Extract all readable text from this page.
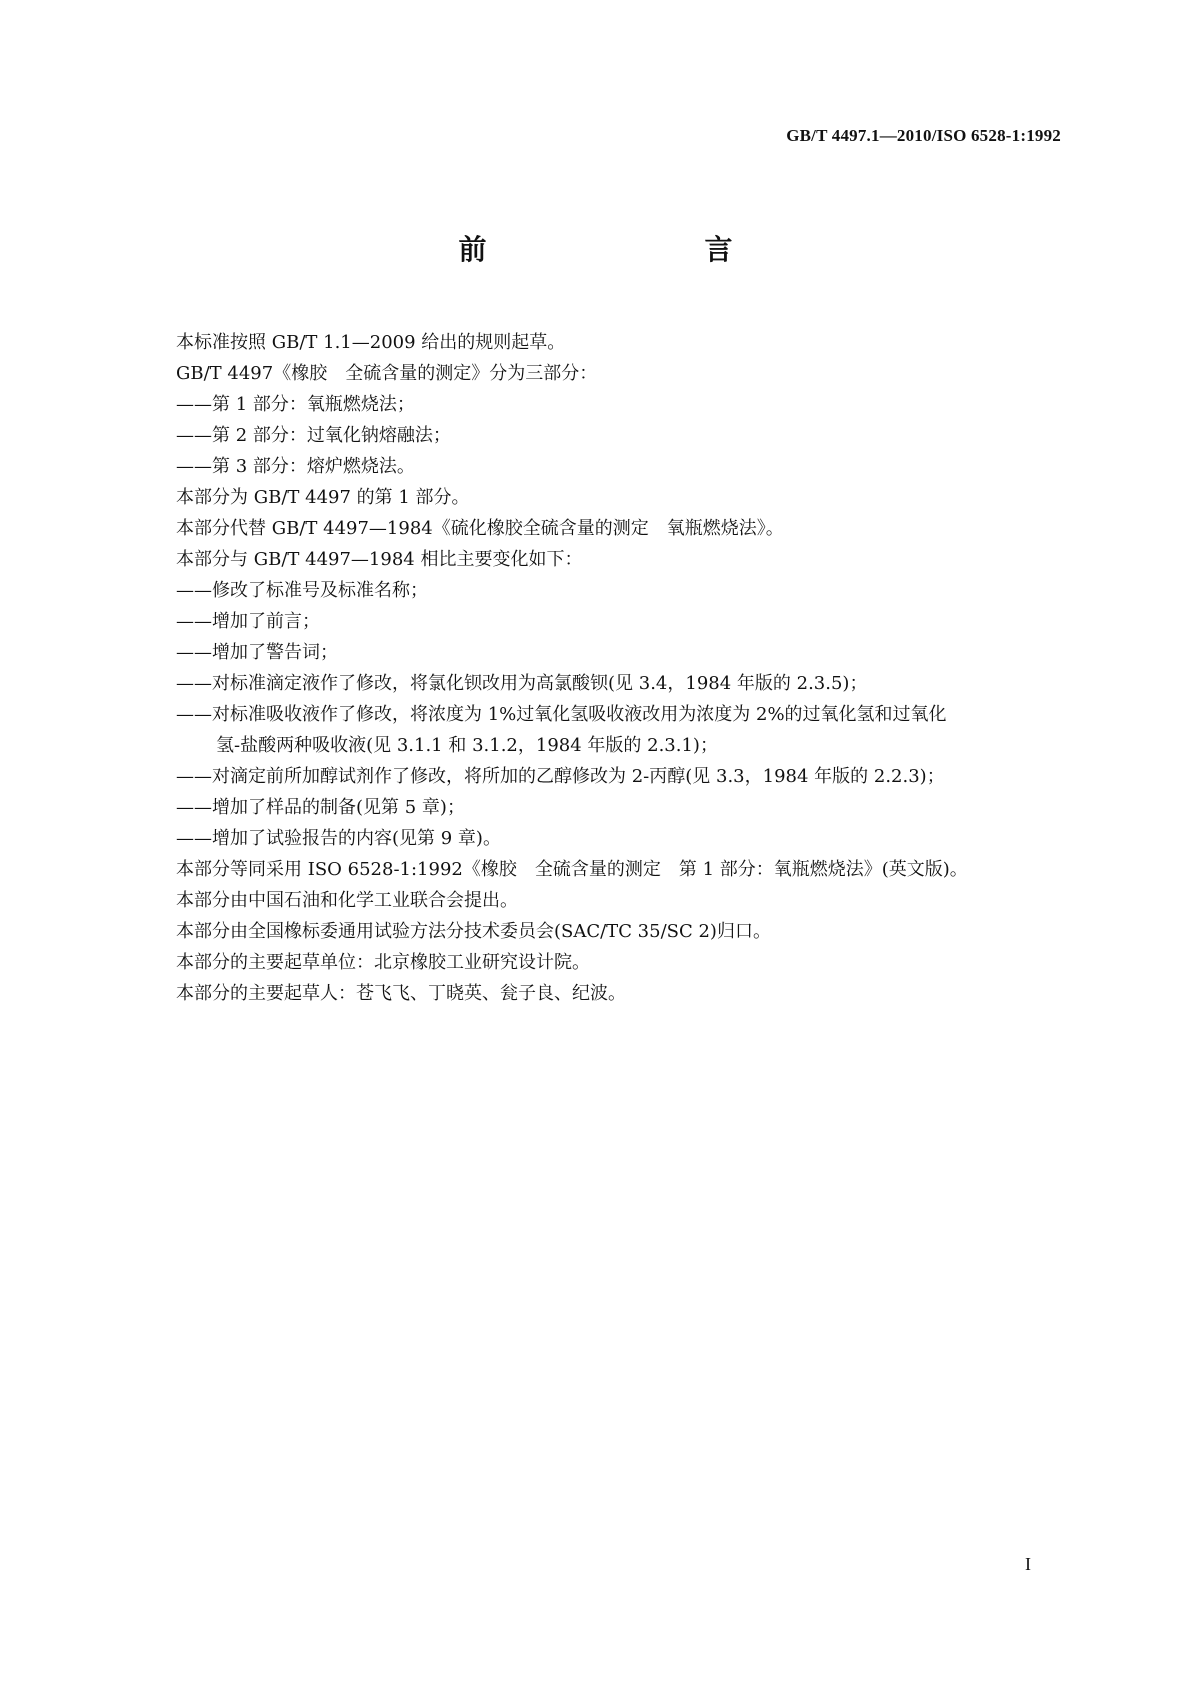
GB/T 4497.1—2010/ISO 6528-1:1992
前　　言
本标准按照 GB/T 1.1—2009 给出的规则起草。
GB/T 4497《橡胶　全硫含量的测定》分为三部分：
——第 1 部分：氧瓶燃烧法；
——第 2 部分：过氧化钠熔融法；
——第 3 部分：熔炉燃烧法。
本部分为 GB/T 4497 的第 1 部分。
本部分代替 GB/T 4497—1984《硫化橡胶全硫含量的测定　氧瓶燃烧法》。
本部分与 GB/T 4497—1984 相比主要变化如下：
——修改了标准号及标准名称；
——增加了前言；
——增加了警告词；
——对标准滴定液作了修改，将氯化钡改用为高氯酸钡(见 3.4，1984 年版的 2.3.5)；
——对标准吸收液作了修改，将浓度为 1%过氧化氢吸收液改用为浓度为 2%的过氧化氢和过氧化
氢-盐酸两种吸收液(见 3.1.1 和 3.1.2，1984 年版的 2.3.1)；
——对滴定前所加醇试剂作了修改，将所加的乙醇修改为 2-丙醇(见 3.3，1984 年版的 2.2.3)；
——增加了样品的制备(见第 5 章)；
——增加了试验报告的内容(见第 9 章)。
本部分等同采用 ISO 6528-1:1992《橡胶　全硫含量的测定　第 1 部分：氧瓶燃烧法》(英文版)。
本部分由中国石油和化学工业联合会提出。
本部分由全国橡标委通用试验方法分技术委员会(SAC/TC 35/SC 2)归口。
本部分的主要起草单位：北京橡胶工业研究设计院。
本部分的主要起草人：苍飞飞、丁晓英、瓮子良、纪波。
I
